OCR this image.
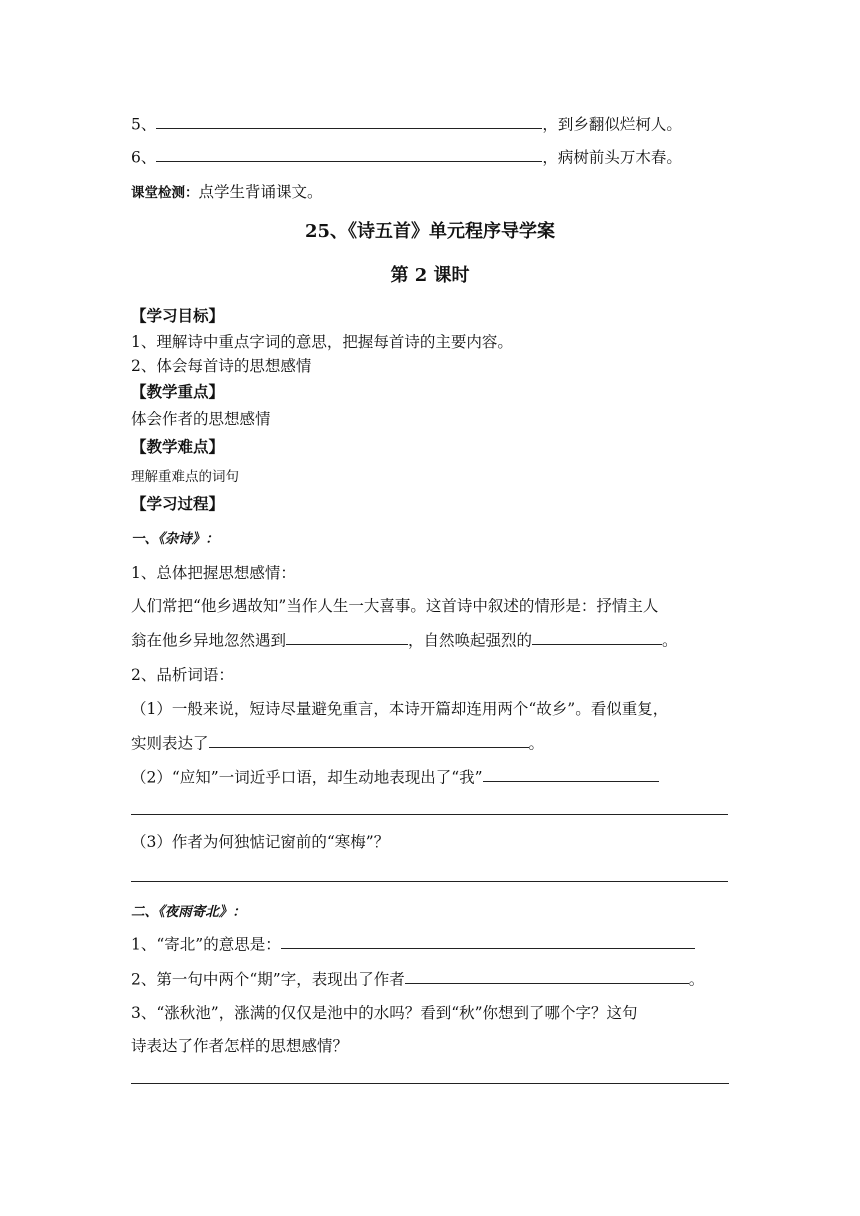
5、	，到乡翻似烂柯人。
6、	，病树前头万木春。
课堂检测：点学生背诵课文。
25、《诗五首》单元程序导学案
第 2 课时
【学习目标】
1、理解诗中重点字词的意思，把握每首诗的主要内容。
2、体会每首诗的思想感情
【教学重点】
体会作者的思想感情
【教学难点】
理解重难点的词句
【学习过程】
一、《杂诗》：
1、总体把握思想感情：
人们常把“他乡遇故知”当作人生一大喜事。这首诗中叙述的情形是：抒情主人
翁在他乡异地忽然遇到	，自然唤起强烈的	。
2、品析词语：
（1）一般来说，短诗尽量避免重言，本诗开篇却连用两个“故乡”。看似重复，
实则表达了	。
（2）“应知”一词近乎口语，却生动地表现出了“我”
（3）作者为何独惦记窗前的“寒梅”？
二、《夜雨寄北》：
1、“寄北”的意思是：
2、第一句中两个“期”字，表现出了作者	。
3、“涨秋池”，涨满的仅仅是池中的水吗？看到“秋”你想到了哪个字？这句
诗表达了作者怎样的思想感情？
